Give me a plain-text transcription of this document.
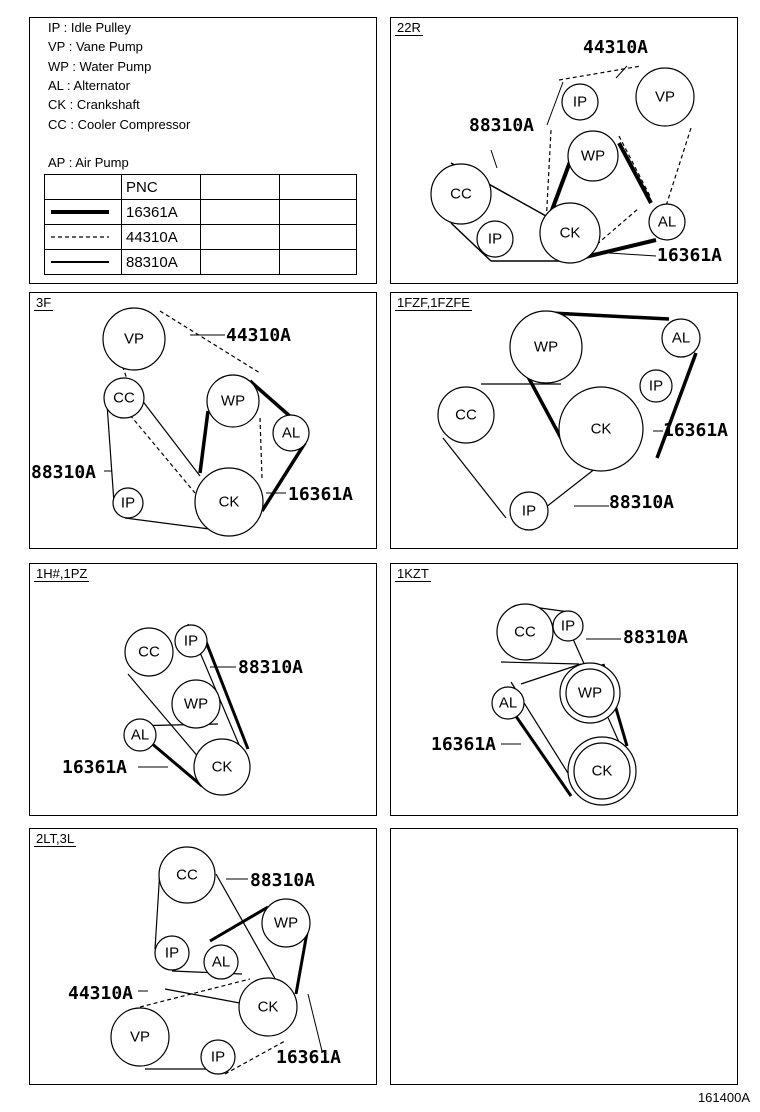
IP : Idle Pulley
VP : Vane Pump
WP : Water Pump
AL : Alternator
CK : Crankshaft
CC : Cooler Compressor
AP : Air Pump
	PNC		

	16361A		

	44310A		

	88310A		
22R
CC
IP
IP	VP
WP
CK
AL
44310A
88310A
16361A
3F
VP
CC
IP
WP
AL
CK
44310A
88310A
16361A
1FZF,1FZFE
WP
AL
IP
CC
CK
IP
16361A
88310A
1H#,1PZ
CC
IP
WP
AL
CK
88310A
16361A
1KZT
CC IP
AL
WP
CK
88310A
16361A
2LT,3L
CC
IP
WP
AL
CK
VP
IP
88310A
44310A
16361A
161400A
